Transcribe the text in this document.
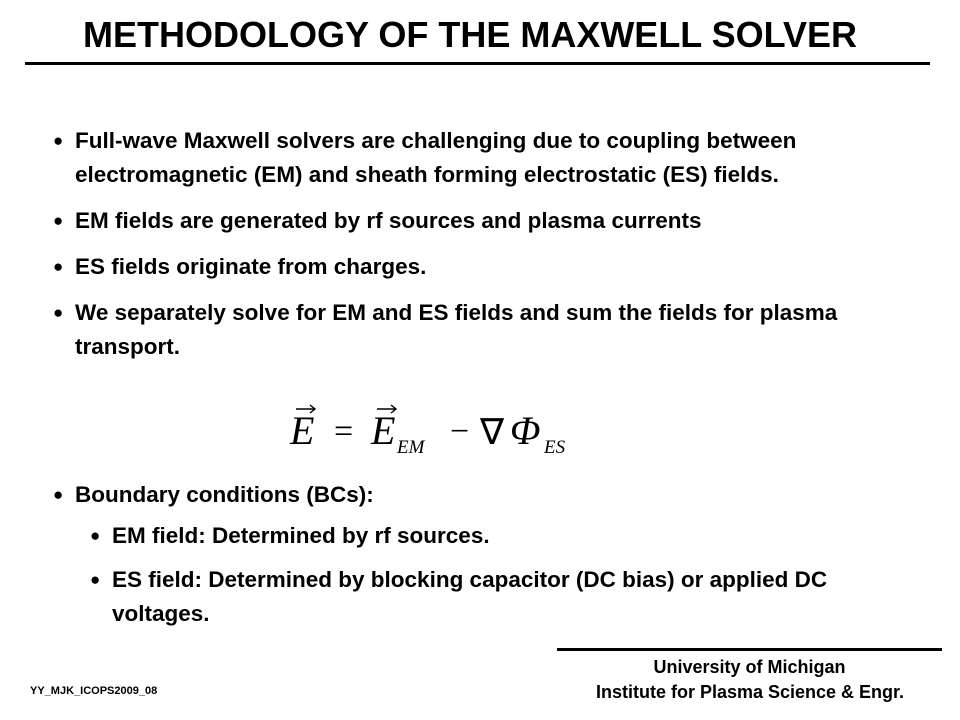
METHODOLOGY OF THE MAXWELL SOLVER
● Full-wave Maxwell solvers are challenging due to coupling between electromagnetic (EM) and sheath forming electrostatic (ES) fields.
● EM fields are generated by rf sources and plasma currents
● ES fields originate from charges.
● We separately solve for EM and ES fields and sum the fields for plasma transport.
E = E EM − ∇ Φ ES
● Boundary conditions (BCs):
● EM field: Determined by rf sources.
● ES field: Determined by blocking capacitor (DC bias) or applied DC voltages.
University of Michigan
Institute for Plasma Science & Engr.
YY_MJK_ICOPS2009_08
